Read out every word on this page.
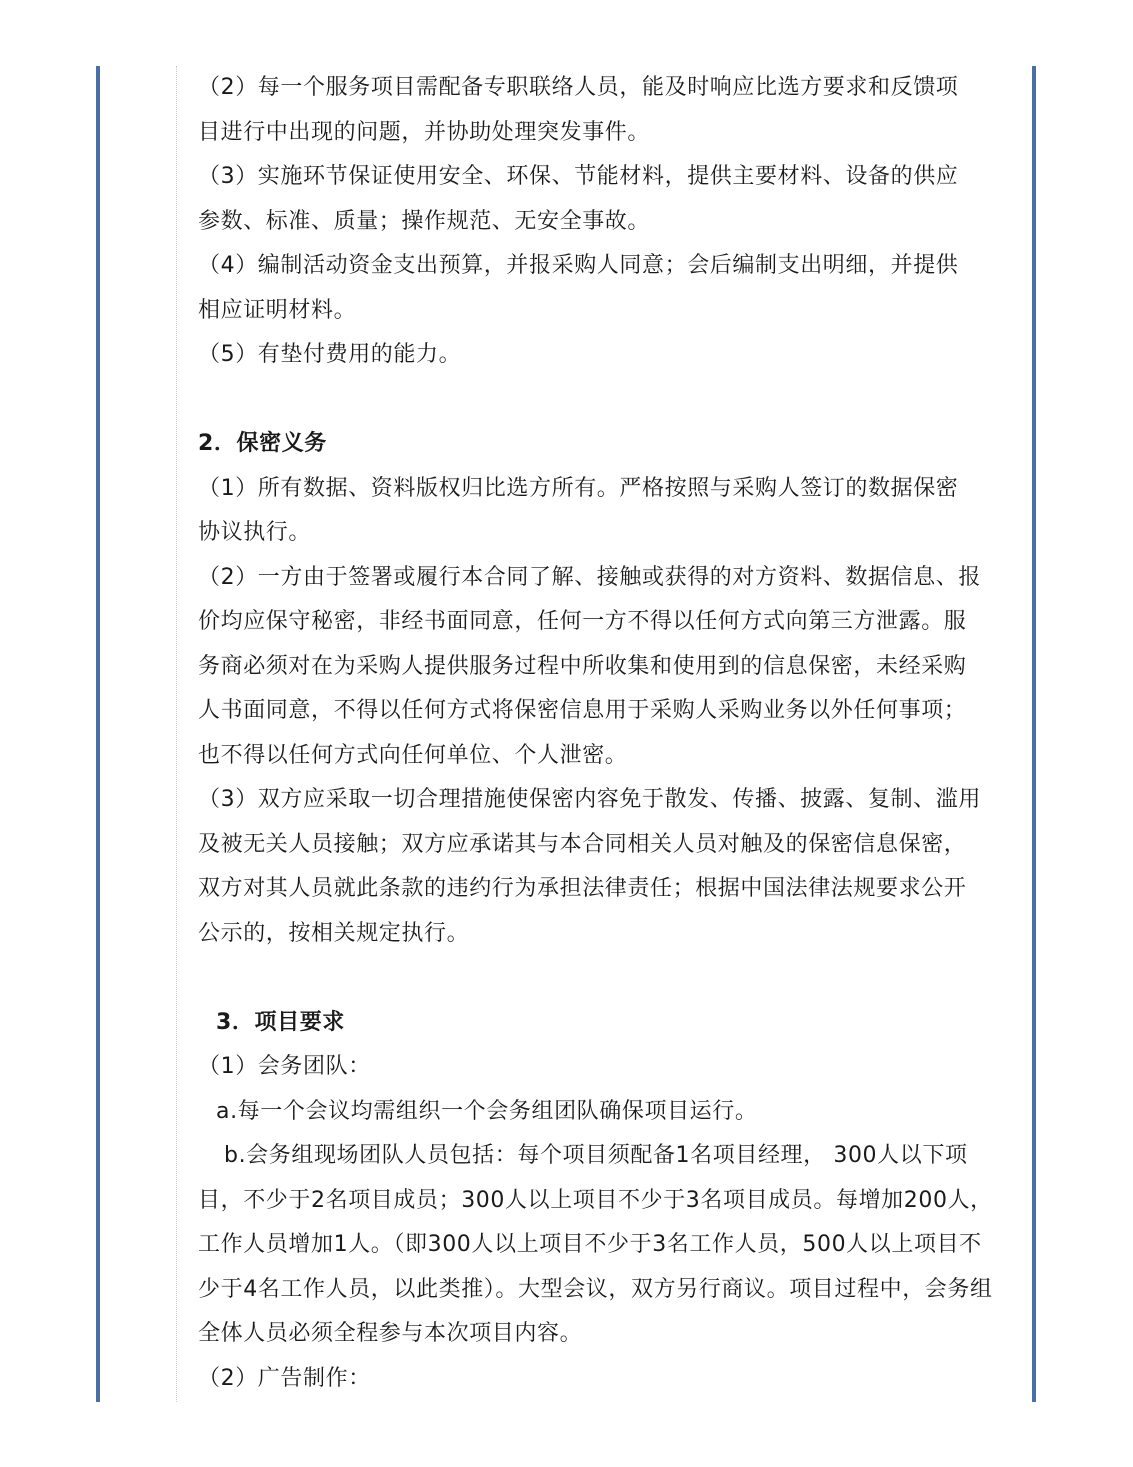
（2）每一个服务项目需配备专职联络人员，能及时响应比选方要求和反馈项目进行中出现的问题，并协助处理突发事件。

（3）实施环节保证使用安全、环保、节能材料，提供主要材料、设备的供应参数、标准、质量；操作规范、无安全事故。

（4）编制活动资金支出预算，并报采购人同意；会后编制支出明细，并提供相应证明材料。

（5）有垫付费用的能力。

2．保密义务

（1）所有数据、资料版权归比选方所有。严格按照与采购人签订的数据保密协议执行。

（2）一方由于签署或履行本合同了解、接触或获得的对方资料、数据信息、报价均应保守秘密，非经书面同意，任何一方不得以任何方式向第三方泄露。服务商必须对在为采购人提供服务过程中所收集和使用到的信息保密，未经采购人书面同意，不得以任何方式将保密信息用于采购人采购业务以外任何事项；也不得以任何方式向任何单位、个人泄密。

（3）双方应采取一切合理措施使保密内容免于散发、传播、披露、复制、滥用及被无关人员接触；双方应承诺其与本合同相关人员对触及的保密信息保密，双方对其人员就此条款的违约行为承担法律责任；根据中国法律法规要求公开公示的，按相关规定执行。

3．项目要求

（1）会务团队：

a.每一个会议均需组织一个会务组团队确保项目运行。

b.会务组现场团队人员包括：每个项目须配备1名项目经理， 300人以下项目，不少于2名项目成员；300人以上项目不少于3名项目成员。每增加200人，工作人员增加1人。（即300人以上项目不少于3名工作人员，500人以上项目不少于4名工作人员，以此类推）。大型会议，双方另行商议。项目过程中，会务组全体人员必须全程参与本次项目内容。

（2）广告制作：
